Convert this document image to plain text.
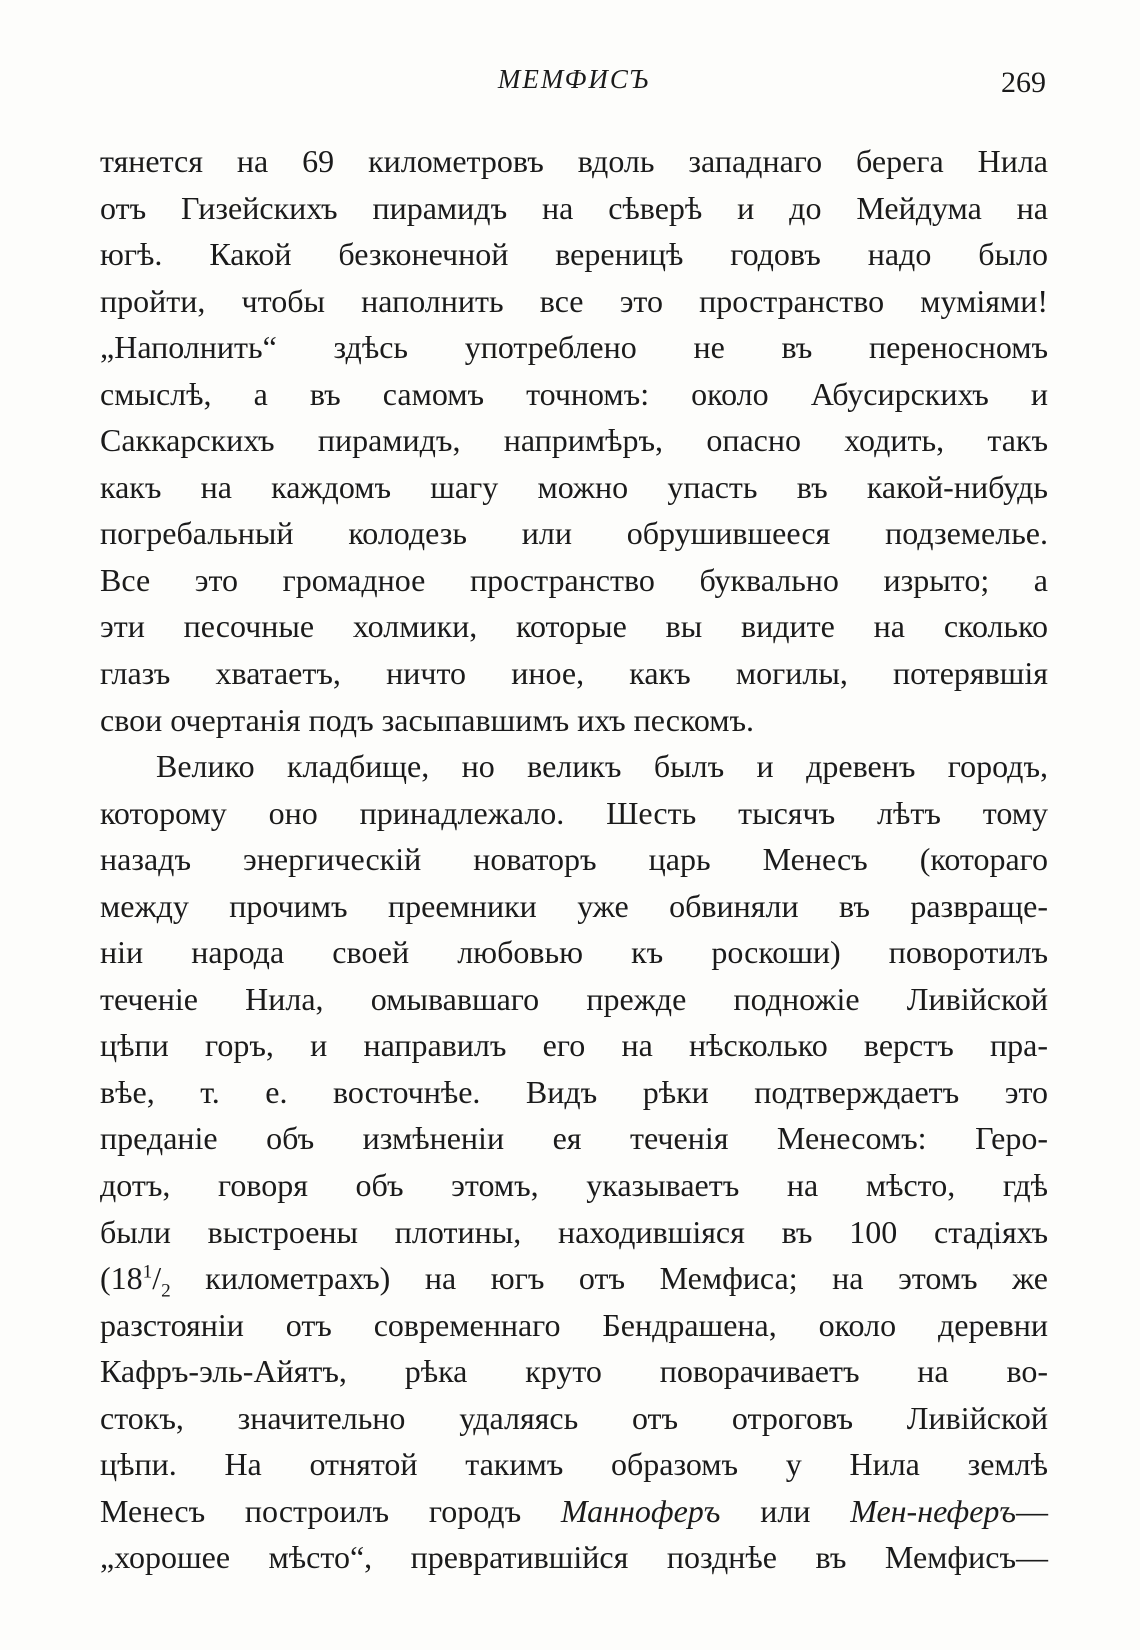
МЕМФИСЪ	269
тянется на 69 километровъ вдоль западнаго берега Нила
отъ Гизейскихъ пирамидъ на сѣверѣ и до Мейдума на
югѣ. Какой безконечной вереницѣ годовъ надо было
пройти, чтобы наполнить все это пространство мумiями!
„Наполнить“ здѣсь употреблено не въ переносномъ
смыслѣ, а въ самомъ точномъ: около Абусирскихъ и
Саккарскихъ пирамидъ, напримѣръ, опасно ходить, такъ
какъ на каждомъ шагу можно упасть въ какой-нибудь
погребальный колодезь или обрушившееся подземелье.
Все это громадное пространство буквально изрыто; а
эти песочные холмики, которые вы видите на сколько
глазъ хватаетъ, ничто иное, какъ могилы, потерявшiя
свои очертанiя подъ засыпавшимъ ихъ пескомъ.
Велико кладбище, но великъ былъ и древенъ городъ,
которому оно принадлежало. Шесть тысячъ лѣтъ тому
назадъ энергическiй новаторъ царь Менесъ (котораго
между прочимъ преемники уже обвиняли въ развраще-
нiи народа своей любовью къ роскоши) поворотилъ
теченiе Нила, омывавшаго прежде подножiе Ливiйской
цѣпи горъ, и направилъ его на нѣсколько верстъ пра-
вѣе, т. е. восточнѣе. Видъ рѣки подтверждаетъ это
преданiе объ измѣненiи ея теченiя Менесомъ: Геро-
дотъ, говоря объ этомъ, указываетъ на мѣсто, гдѣ
были выстроены плотины, находившiяся въ 100 стадiяхъ
($18^1/_2$ километрахъ) на югъ отъ Мемфиса; на этомъ же
разстоянiи отъ современнаго Бендрашена, около деревни
Кафръ-эль-Айятъ, рѣка круто поворачиваетъ на во-
стокъ, значительно удаляясь отъ отроговъ Ливiйской
цѣпи. На отнятой такимъ образомъ у Нила землѣ
Менесъ построилъ городъ Манноферъ или Мен-неферъ—
„хорошее мѣсто“, превратившiйся позднѣе въ Мемфисъ—
